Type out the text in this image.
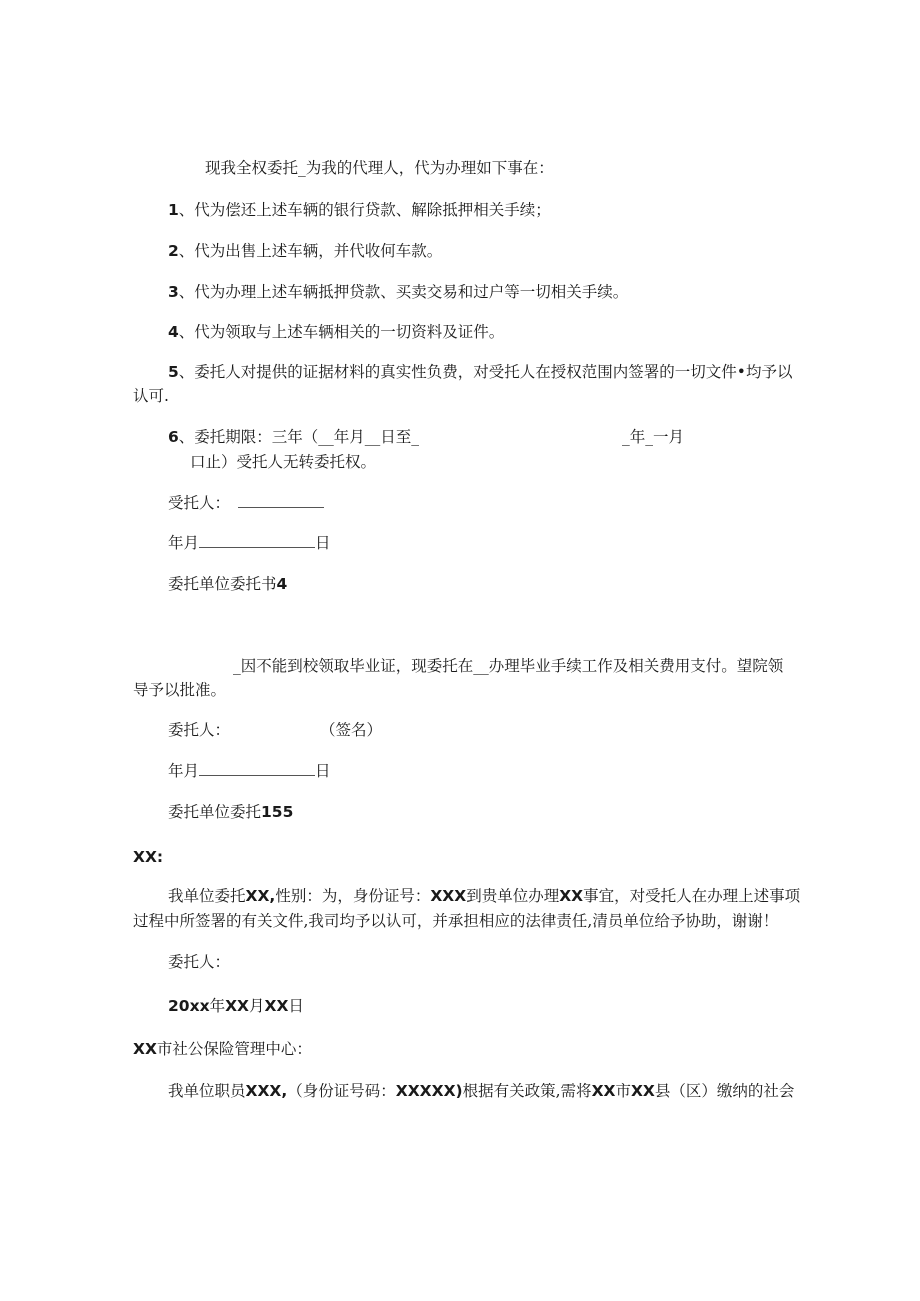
现我全权委托_为我的代理人，代为办理如下事在：
1、代为偿还上述车辆的银行贷款、解除抵押相关手续；
2、代为出售上述车辆，并代收何车款。
3、代为办理上述车辆抵押贷款、买卖交易和过户等一切相关手续。
4、代为领取与上述车辆相关的一切资料及证件。
5、委托人对提供的证据材料的真实性负费，对受托人在授权范围内签署的一切文件•均予以
认可.
6、委托期限：三年（__年月__日至_	_年_一月
口止）受托人无转委托权。
受托人：
年月	日
委托单位委托书4
_因不能到校领取毕业证，现委托在__办理毕业手续工作及相关费用支付。望院领
导予以批准。
委托人：	（签名）
年月	日
委托单位委托155
XX:
我单位委托XX,性别：为，身份证号：XXX到贵单位办理XX事宜，对受托人在办理上述事项
过程中所签署的有关文件,我司均予以认可，并承担相应的法律责任,清员单位给予协助，谢谢！
委托人：
20xx年XX月XX日
XX市社公保险管理中心：
我单位职员XXX,（身份证号码：XXXXX)根据有关政策,需将XX市XX县（区）缴纳的社会
